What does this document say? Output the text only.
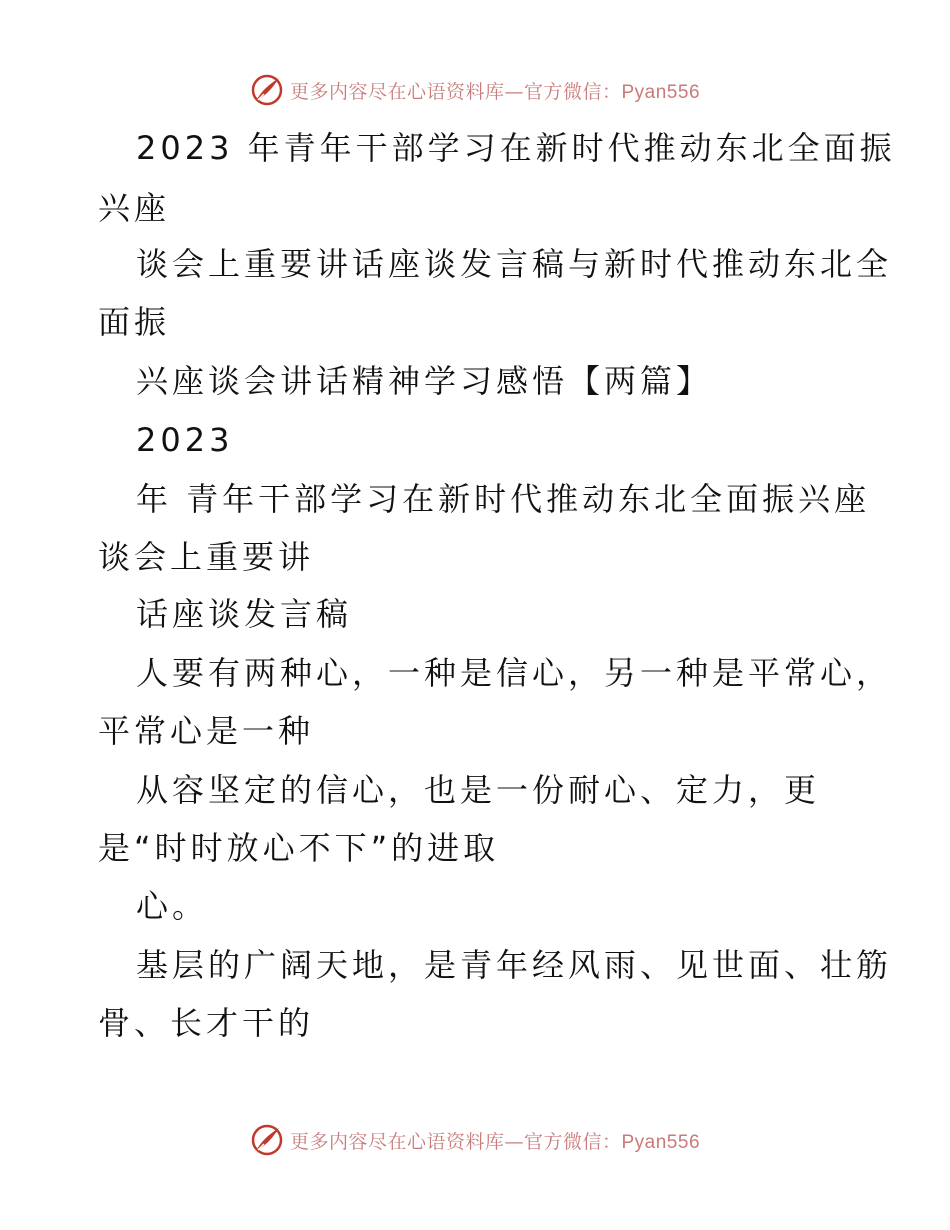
更多内容尽在心语资料库—官方微信：Pyan556
2023 年青年干部学习在新时代推动东北全面振
兴座
谈会上重要讲话座谈发言稿与新时代推动东北全
面振
兴座谈会讲话精神学习感悟【两篇】
2023
年 青年干部学习在新时代推动东北全面振兴座
谈会上重要讲
话座谈发言稿
人要有两种心，一种是信心，另一种是平常心，
平常心是一种
从容坚定的信心，也是一份耐心、定力，更
是“时时放心不下”的进取
心。
基层的广阔天地，是青年经风雨、见世面、壮筋
骨、长才干的
更多内容尽在心语资料库—官方微信：Pyan556
